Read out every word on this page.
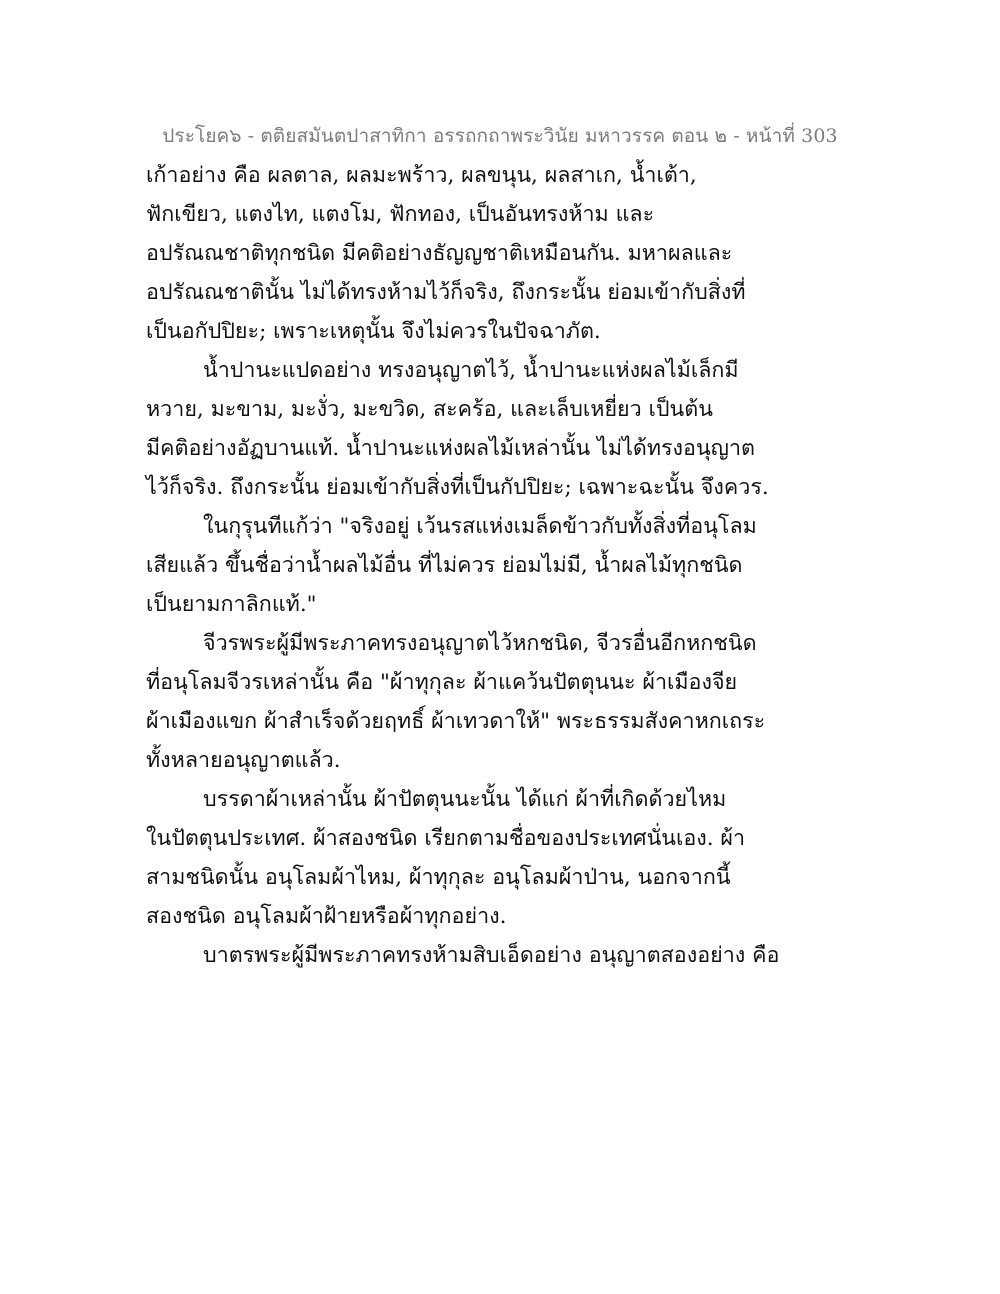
ประโยค๖ - ตติยสมันตปาสาทิกา อรรถกถาพระวินัย มหาวรรค ตอน ๒ - หน้าที่ 303
เก้าอย่าง คือ ผลตาล, ผลมะพร้าว, ผลขนุน, ผลสาเก, น้ำเต้า,
ฟักเขียว, แตงไท, แตงโม, ฟักทอง, เป็นอันทรงห้าม และ
อปรัณณชาติทุกชนิด มีคติอย่างธัญญชาติเหมือนกัน. มหาผลและ
อปรัณณชาตินั้น ไม่ได้ทรงห้ามไว้ก็จริง, ถึงกระนั้น ย่อมเข้ากับสิ่งที่
เป็นอกัปปิยะ; เพราะเหตุนั้น จึงไม่ควรในปัจฉาภัต.
น้ำปานะแปดอย่าง ทรงอนุญาตไว้, น้ำปานะแห่งผลไม้เล็กมี
หวาย, มะขาม, มะงั่ว, มะขวิด, สะคร้อ, และเล็บเหยี่ยว เป็นต้น
มีคติอย่างอัฏบานแท้. น้ำปานะแห่งผลไม้เหล่านั้น ไม่ได้ทรงอนุญาต
ไว้ก็จริง. ถึงกระนั้น ย่อมเข้ากับสิ่งที่เป็นกัปปิยะ; เฉพาะฉะนั้น จึงควร.
ในกุรุนทีแก้ว่า "จริงอยู่ เว้นรสแห่งเมล็ดข้าวกับทั้งสิ่งที่อนุโลม
เสียแล้ว ขึ้นชื่อว่าน้ำผลไม้อื่น ที่ไม่ควร ย่อมไม่มี, น้ำผลไม้ทุกชนิด
เป็นยามกาลิกแท้."
จีวรพระผู้มีพระภาคทรงอนุญาตไว้หกชนิด, จีวรอื่นอีกหกชนิด
ที่อนุโลมจีวรเหล่านั้น คือ "ผ้าทุกุละ ผ้าแคว้นปัตตุนนะ ผ้าเมืองจีย
ผ้าเมืองแขก ผ้าสำเร็จด้วยฤทธิ์ ผ้าเทวดาให้" พระธรรมสังคาหกเถระ
ทั้งหลายอนุญาตแล้ว.
บรรดาผ้าเหล่านั้น ผ้าปัตตุนนะนั้น ได้แก่ ผ้าที่เกิดด้วยไหม
ในปัตตุนประเทศ. ผ้าสองชนิด เรียกตามชื่อของประเทศนั่นเอง. ผ้า
สามชนิดนั้น อนุโลมผ้าไหม, ผ้าทุกุละ อนุโลมผ้าป่าน, นอกจากนี้
สองชนิด อนุโลมผ้าฝ้ายหรือผ้าทุกอย่าง.
บาตรพระผู้มีพระภาคทรงห้ามสิบเอ็ดอย่าง อนุญาตสองอย่าง คือ
